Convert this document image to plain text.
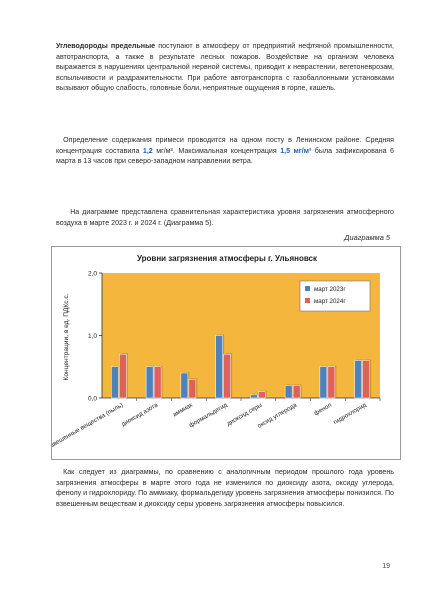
Углеводороды предельные поступают в атмосферу от предприятий нефтяной промышленности, автотранспорта, а также в результате лесных пожаров. Воздействие на организм человека выражается в нарушениях центральной нервной системы, приводит к неврастении, вегетоневрозам, вспыльчивости и раздражительности. При работе автотранспорта с газобаллонными установками вызывают общую слабость, головные боли, неприятные ощущения в горле, кашель.

 Определение содержания примеси проводится на одном посту в Ленинском районе. Средняя концентрация составила 1,2 мг/м³. Максимальная концентрация 1,5 мг/м³ была зафиксирована 6 марта в 13 часов при северо-западном направлении ветра.

  На диаграмме представлена сравнительная характеристика уровня загрязнения атмосферного воздуха в марте 2023 г. и 2024 г. (Диаграмма 5).

Диаграмма 5
Уровни загрязнения атмосферы г. Ульяновск
0,0
1,0
2,0
Концентрации, в ед. ПДКс.с.
взвешенные вещества (пыль)
диоксид азота аммиак
формальдегид
диоксид серы
оксид углерода фенол гидрохлорид
март 2023г
март 2024г

 Как следует из диаграммы, по сравнению с аналогичным периодом прошлого года уровень загрязнения атмосферы в марте этого года не изменился по диоксиду азота, оксиду углерода, фенолу и гидрохлориду. По аммиаку, формальдегиду уровень загрязнения атмосферы понизился. По взвешенным веществам и диоксиду серы уровень загрязнения атмосферы повысился.

19
